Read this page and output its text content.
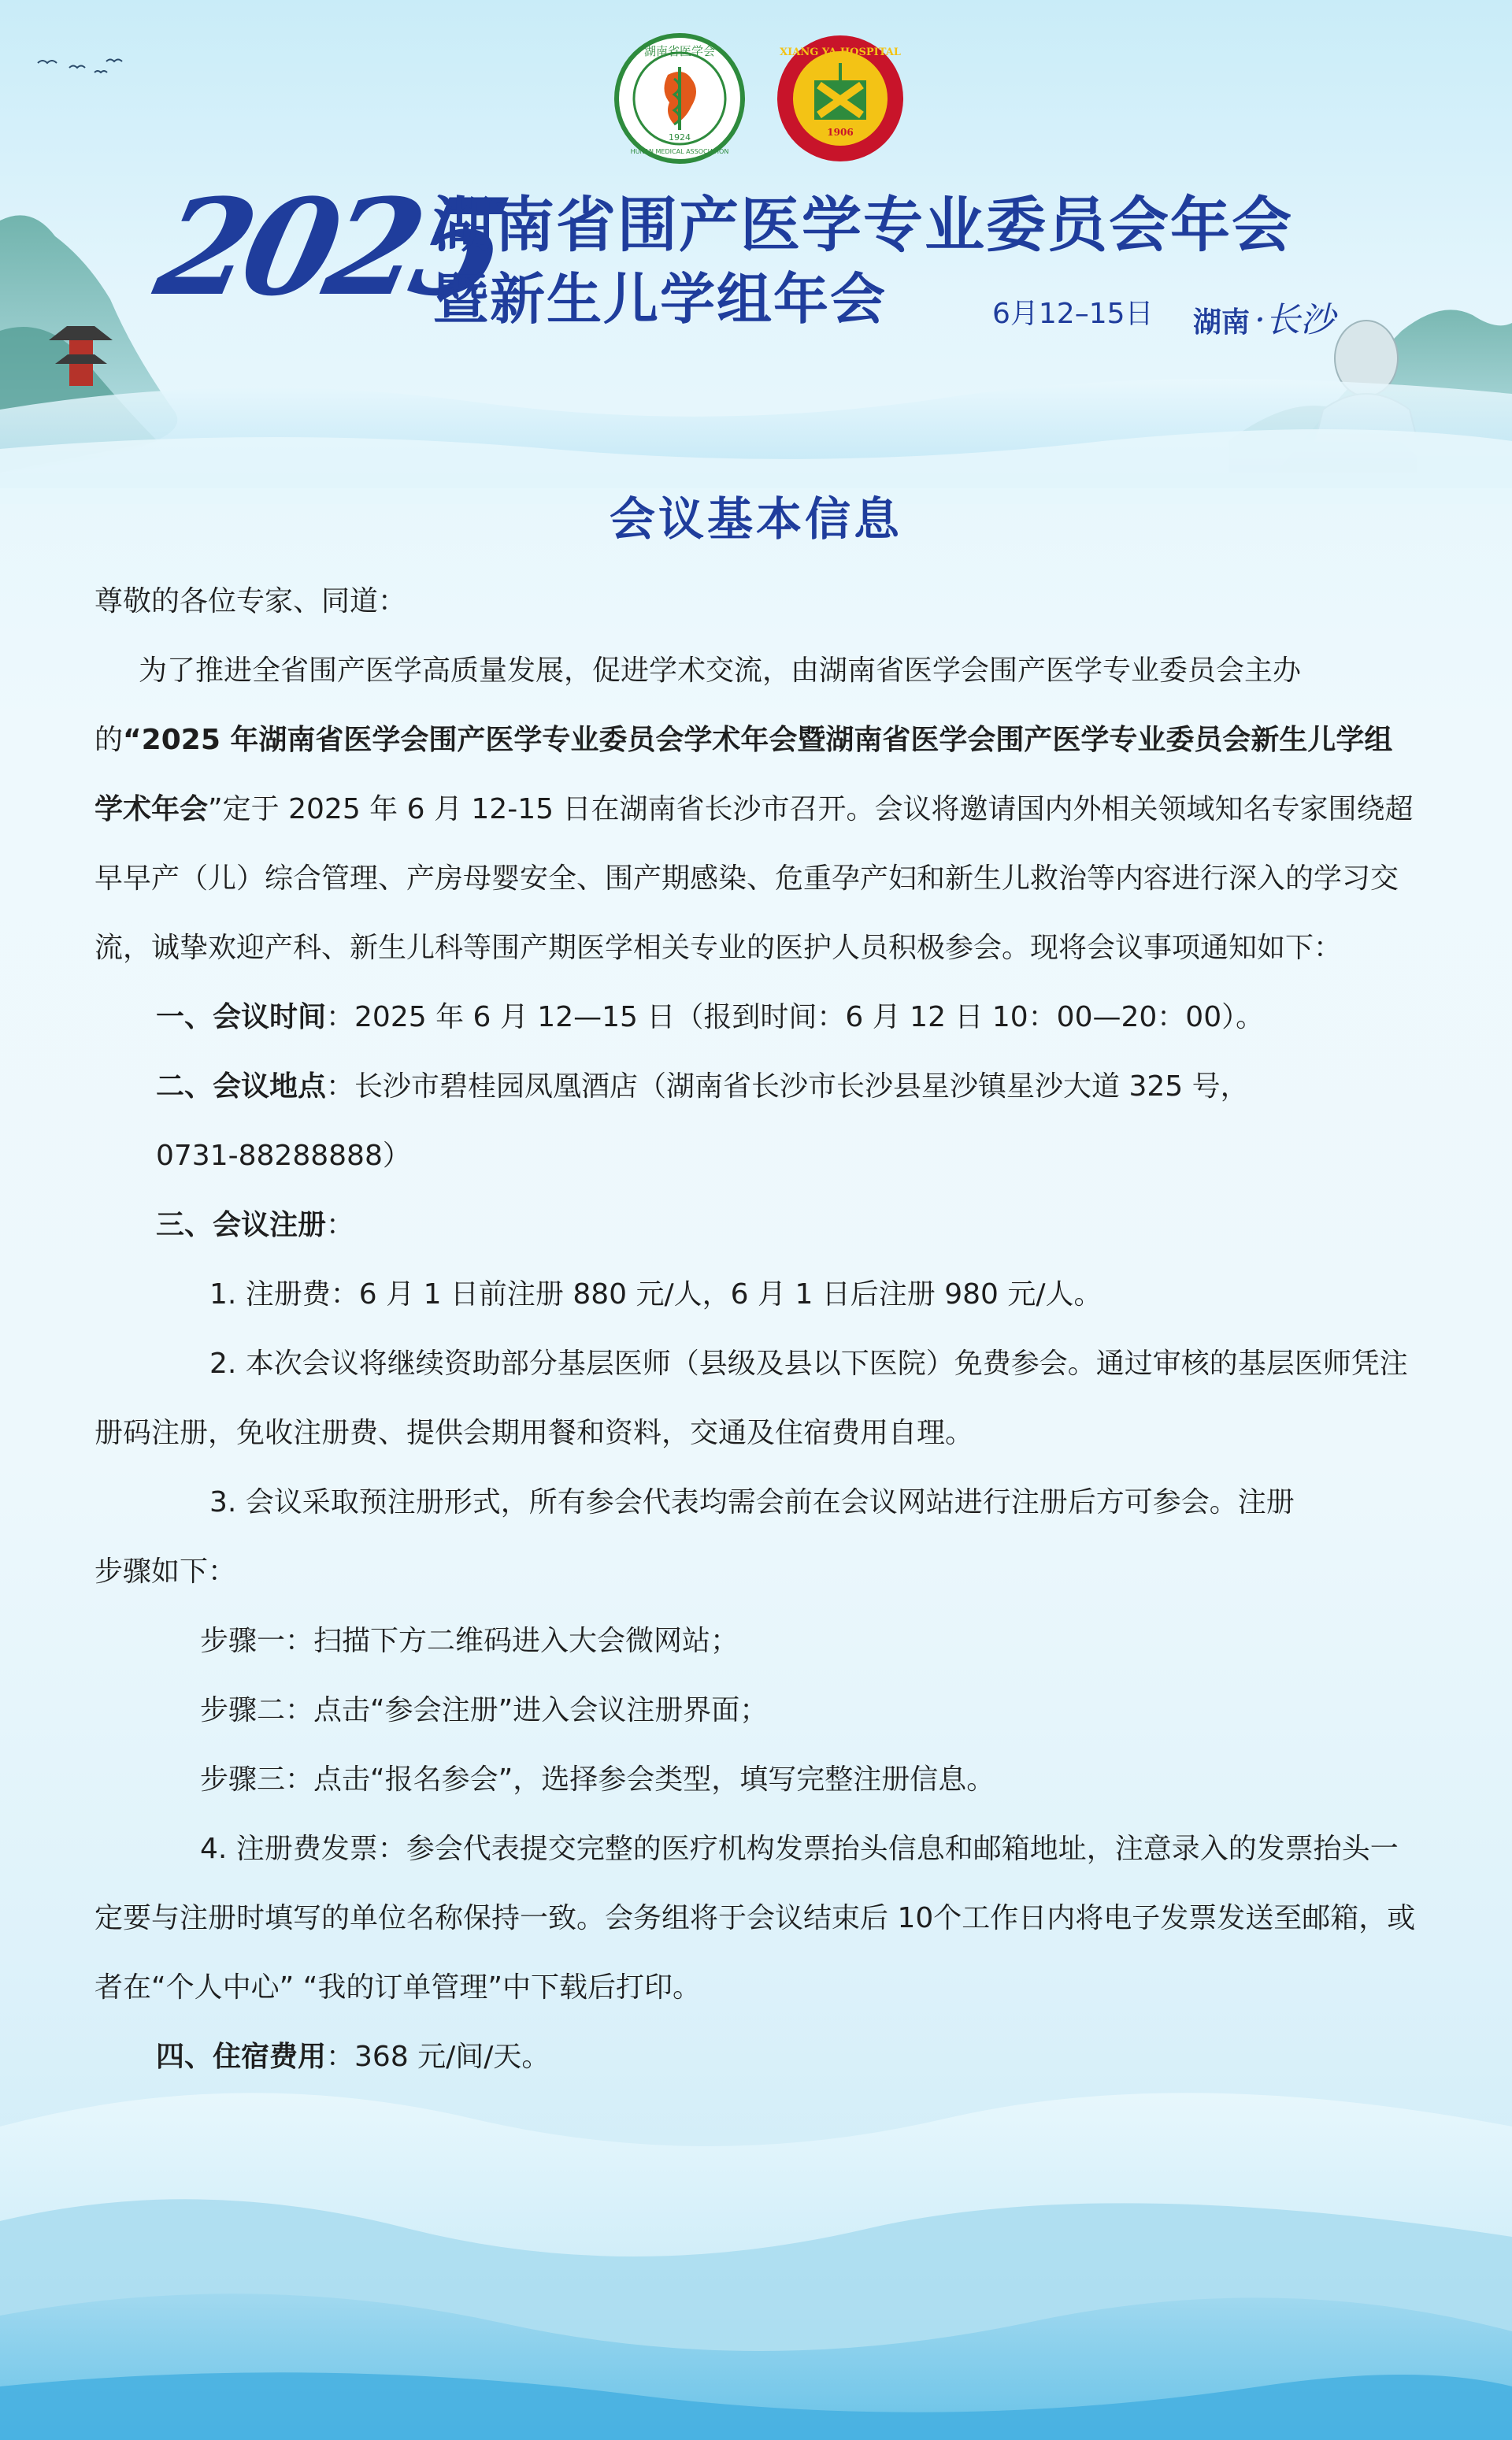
湖南省医学会
1924
HUNAN MEDICAL ASSOCIATION
XIANG YA HOSPITAL
1906
2025
湖南省围产医学专业委员会年会
暨新生儿学组年会	6月12–15日 湖南 ·长沙
会议基本信息

尊敬的各位专家、同道：

为了推进全省围产医学高质量发展，促进学术交流，由湖南省医学会围产医学专业委员会主办的“2025 年湖南省医学会围产医学专业委员会学术年会暨湖南省医学会围产医学专业委员会新生儿学组学术年会”定于 2025 年 6 月 12-15 日在湖南省长沙市召开。会议将邀请国内外相关领域知名专家围绕超早早产（儿）综合管理、产房母婴安全、围产期感染、危重孕产妇和新生儿救治等内容进行深入的学习交流，诚挚欢迎产科、新生儿科等围产期医学相关专业的医护人员积极参会。现将会议事项通知如下：

一、会议时间：2025 年 6 月 12—15 日（报到时间：6 月 12 日 10：00—20：00）。

二、会议地点：长沙市碧桂园凤凰酒店（湖南省长沙市长沙县星沙镇星沙大道 325 号，0731-88288888）

三、会议注册：

1. 注册费：6 月 1 日前注册 880 元/人，6 月 1 日后注册 980 元/人。

2. 本次会议将继续资助部分基层医师（县级及县以下医院）免费参会。通过审核的基层医师凭注册码注册，免收注册费、提供会期用餐和资料，交通及住宿费用自理。

3. 会议采取预注册形式，所有参会代表均需会前在会议网站进行注册后方可参会。注册步骤如下：

步骤一：扫描下方二维码进入大会微网站；

步骤二：点击“参会注册”进入会议注册界面；

步骤三：点击“报名参会”，选择参会类型，填写完整注册信息。

4. 注册费发票：参会代表提交完整的医疗机构发票抬头信息和邮箱地址，注意录入的发票抬头一定要与注册时填写的单位名称保持一致。会务组将于会议结束后 10个工作日内将电子发票发送至邮箱，或者在“个人中心” “我的订单管理”中下载后打印。

四、住宿费用：368 元/间/天。
